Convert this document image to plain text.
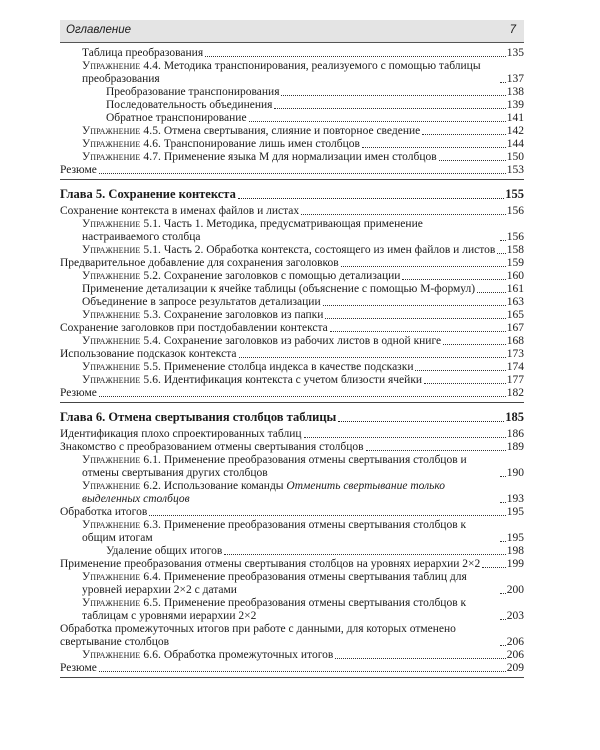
Оглавление	7
Таблица преобразования	135
Упражнение 4.4. Методика транспонирования, реализуемого с помощью таблицы преобразования	137
Преобразование транспонирования	138
Последовательность объединения	139
Обратное транспонирование	141
Упражнение 4.5. Отмена свертывания, слияние и повторное сведение	142
Упражнение 4.6. Транспонирование лишь имен столбцов	144
Упражнение 4.7. Применение языка M для нормализации имен столбцов	150
Резюме	153
Глава 5. Сохранение контекста	155
Сохранение контекста в именах файлов и листах	156
Упражнение 5.1. Часть 1. Методика, предусматривающая применение настраиваемого столбца	156
Упражнение 5.1. Часть 2. Обработка контекста, состоящего из имен файлов и листов 158
Предварительное добавление для сохранения заголовков	159
Упражнение 5.2. Сохранение заголовков с помощью детализации	160
Применение детализации к ячейке таблицы (объяснение с помощью M-формул)	161
Объединение в запросе результатов детализации	163
Упражнение 5.3. Сохранение заголовков из папки	165
Сохранение заголовков при постдобавлении контекста	167
Упражнение 5.4. Сохранение заголовков из рабочих листов в одной книге	168
Использование подсказок контекста	173
Упражнение 5.5. Применение столбца индекса в качестве подсказки	174
Упражнение 5.6. Идентификация контекста с учетом близости ячейки	177
Резюме	182
Глава 6. Отмена свертывания столбцов таблицы	185
Идентификация плохо спроектированных таблиц	186
Знакомство с преобразованием отмены свертывания столбцов	189
Упражнение 6.1. Применение преобразования отмены свертывания столбцов и отмены свертывания других столбцов	190
Упражнение 6.2. Использование команды Отменить свертывание только выделенных столбцов	193
Обработка итогов	195
Упражнение 6.3. Применение преобразования отмены свертывания столбцов к общим итогам	195
Удаление общих итогов	198
Применение преобразования отмены свертывания столбцов на уровнях иерархии 2×2 199
Упражнение 6.4. Применение преобразования отмены свертывания таблиц для уровней иерархии 2×2 с датами	200
Упражнение 6.5. Применение преобразования отмены свертывания столбцов к таблицам с уровнями иерархии 2×2	203
Обработка промежуточных итогов при работе с данными, для которых отменено свертывание столбцов	206
Упражнение 6.6. Обработка промежуточных итогов	206
Резюме	209
